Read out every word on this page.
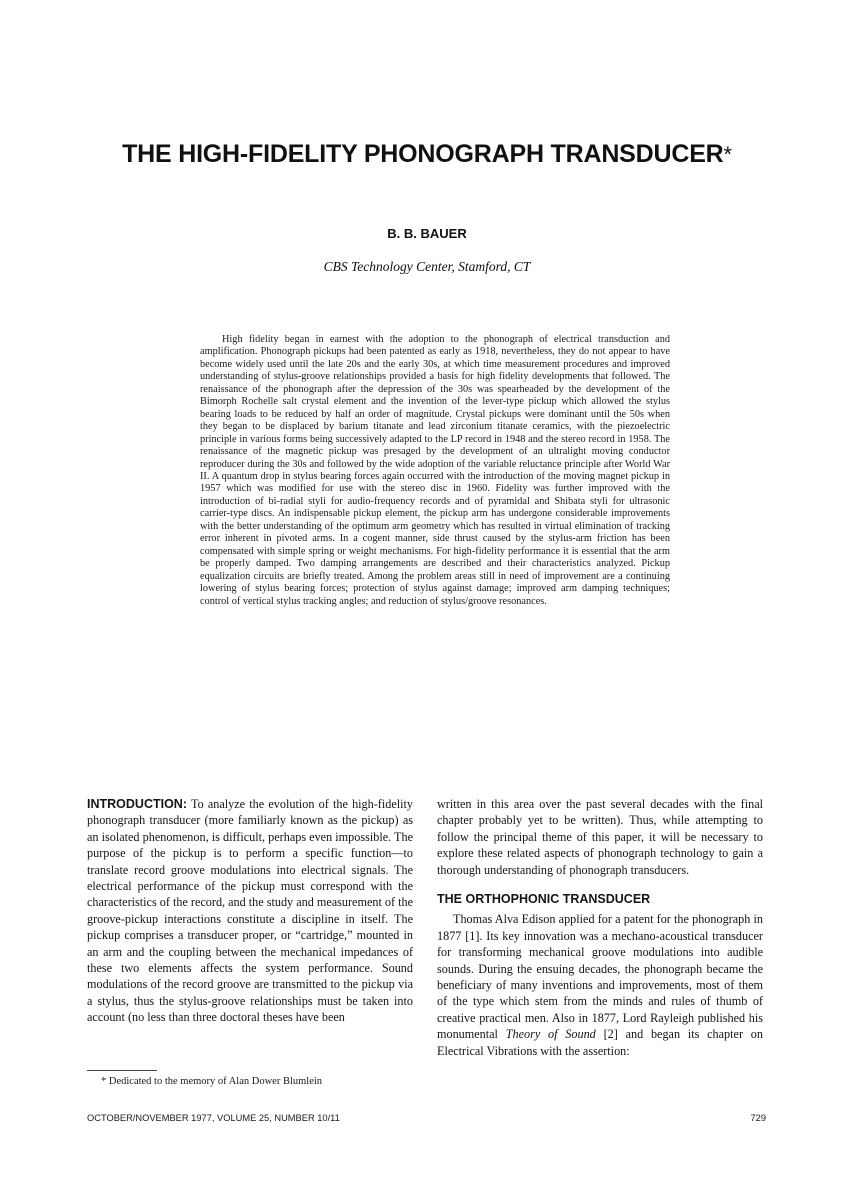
THE HIGH-FIDELITY PHONOGRAPH TRANSDUCER*
B. B. BAUER
CBS Technology Center, Stamford, CT

High fidelity began in earnest with the adoption to the phonograph of electrical transduction and amplification. Phonograph pickups had been patented as early as 1918, nevertheless, they do not appear to have become widely used until the late 20s and the early 30s, at which time measurement procedures and improved understanding of stylus-groove relationships provided a basis for high fidelity developments that followed. The renaissance of the phonograph after the depression of the 30s was spearheaded by the development of the Bimorph Rochelle salt crystal element and the invention of the lever-type pickup which allowed the stylus bearing loads to be reduced by half an order of magnitude. Crystal pickups were dominant until the 50s when they began to be displaced by barium titanate and lead zirconium titanate ceramics, with the piezoelectric principle in various forms being successively adapted to the LP record in 1948 and the stereo record in 1958. The renaissance of the magnetic pickup was presaged by the development of an ultralight moving conductor reproducer during the 30s and followed by the wide adoption of the variable reluctance principle after World War II. A quantum drop in stylus bearing forces again occurred with the introduction of the moving magnet pickup in 1957 which was modified for use with the stereo disc in 1960. Fidelity was further improved with the introduction of bi-radial styli for audio-frequency records and of pyramidal and Shibata styli for ultrasonic carrier-type discs. An indispensable pickup element, the pickup arm has undergone considerable improvements with the better understanding of the optimum arm geometry which has resulted in virtual elimination of tracking error inherent in pivoted arms. In a cogent manner, side thrust caused by the stylus-arm friction has been compensated with simple spring or weight mechanisms. For high-fidelity performance it is essential that the arm be properly damped. Two damping arrangements are described and their characteristics analyzed. Pickup equalization circuits are briefly treated. Among the problem areas still in need of improvement are a continuing lowering of stylus bearing forces; protection of stylus against damage; improved arm damping techniques; control of vertical stylus tracking angles; and reduction of stylus/groove resonances.

INTRODUCTION: To analyze the evolution of the high-fidelity phonograph transducer (more familiarly known as the pickup) as an isolated phenomenon, is difficult, perhaps even impossible. The purpose of the pickup is to perform a specific function—to translate record groove modulations into electrical signals. The electrical performance of the pickup must correspond with the characteristics of the record, and the study and measurement of the groove-pickup interactions constitute a discipline in itself. The pickup comprises a transducer proper, or “cartridge,” mounted in an arm and the coupling between the mechanical impedances of these two elements affects the system performance. Sound modulations of the record groove are transmitted to the pickup via a stylus, thus the stylus-groove relationships must be taken into account (no less than three doctoral theses have been

written in this area over the past several decades with the final chapter probably yet to be written). Thus, while attempting to follow the principal theme of this paper, it will be necessary to explore these related aspects of phonograph technology to gain a thorough understanding of phonograph transducers.

THE ORTHOPHONIC TRANSDUCER

Thomas Alva Edison applied for a patent for the phonograph in 1877 [1]. Its key innovation was a mechano-acoustical transducer for transforming mechanical groove modulations into audible sounds. During the ensuing decades, the phonograph became the beneficiary of many inventions and improvements, most of them of the type which stem from the minds and rules of thumb of creative practical men. Also in 1877, Lord Rayleigh published his monumental Theory of Sound [2] and began its chapter on Electrical Vibrations with the assertion:

* Dedicated to the memory of Alan Dower Blumlein
OCTOBER/NOVEMBER 1977, VOLUME 25, NUMBER 10/11	729
